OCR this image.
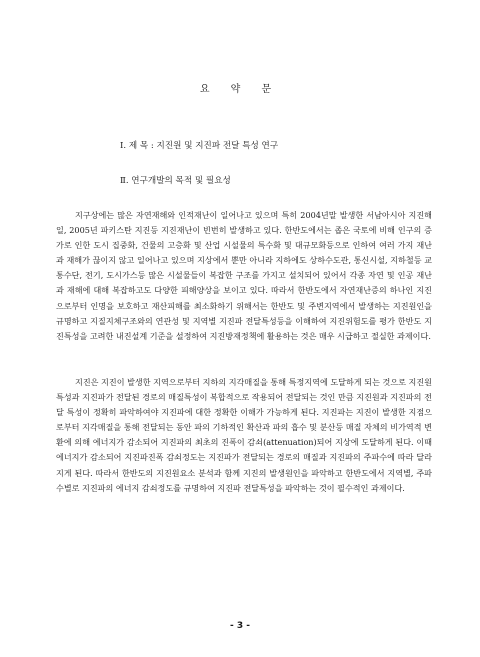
요 약 문
Ⅰ. 제 목 : 지진원 및 지진파 전달 특성 연구
Ⅱ. 연구개발의 목적 및 필요성

지구상에는 많은 자연재해와 인적재난이 일어나고 있으며 특히 2004년말 발생한 서남아시아 지진해일, 2005년 파키스탄 지진등 지진재난이 빈번히 발생하고 있다. 한반도에서는 좁은 국토에 비해 인구의 증가로 인한 도시 집중화, 건물의 고층화 및 산업 시설물의 특수화 및 대규모화등으로 인하여 여러 가지 재난과 재해가 끊이지 않고 일어나고 있으며 지상에서 뿐만 아니라 지하에도 상하수도관, 통신시설, 지하철등 교통수단, 전기, 도시가스등 많은 시설물들이 복잡한 구조를 가지고 설치되어 있어서 각종 자연 및 인공 재난과 재해에 대해 복잡하고도 다양한 피해양상을 보이고 있다. 따라서 한반도에서 자연재난증의 하나인 지진으로부터 인명을 보호하고 재산피해를 최소화하기 위해서는 한반도 및 주변지역에서 발생하는 지진원인을 규명하고 지질지체구조와의 연관성 및 지역별 지진파 전달특성등을 이해하여 지진위험도를 평가 한반도 지진특성을 고려한 내진설계 기준을 설정하여 지진방재정책에 활용하는 것은 매우 시급하고 절실한 과제이다.

지진은 지진이 발생한 지역으로부터 지하의 지각매질을 통해 특정지역에 도달하게 되는 것으로 지진원 특성과 지진파가 전달된 경로의 매질특성이 복합적으로 작용되어 전달되는 것인 만큼 지진원과 지진파의 전달 특성이 정확히 파악하여야 지진파에 대한 정확한 이해가 가능하게 된다. 지진파는 지진이 발생한 지점으로부터 지각매질을 통해 전달되는 동안 파의 기하적인 확산과 파의 흡수 및 분산등 매질 자체의 비가역적 변환에 의해 에너지가 감소되어 지진파의 최초의 진폭이 감쇠(attenuation)되어 지상에 도달하게 된다. 이때 에너지가 감소되어 지진파진폭 감쇠정도는 지진파가 전달되는 경로의 매질과 지진파의 주파수에 따라 달라지게 된다. 따라서 한반도의 지진원요소 분석과 함께 지진의 발생원인을 파악하고 한반도에서 지역별, 주파수별로 지진파의 에너지 감쇠정도를 규명하여 지진파 전달특성을 파악하는 것이 필수적인 과제이다.

- 3 -
